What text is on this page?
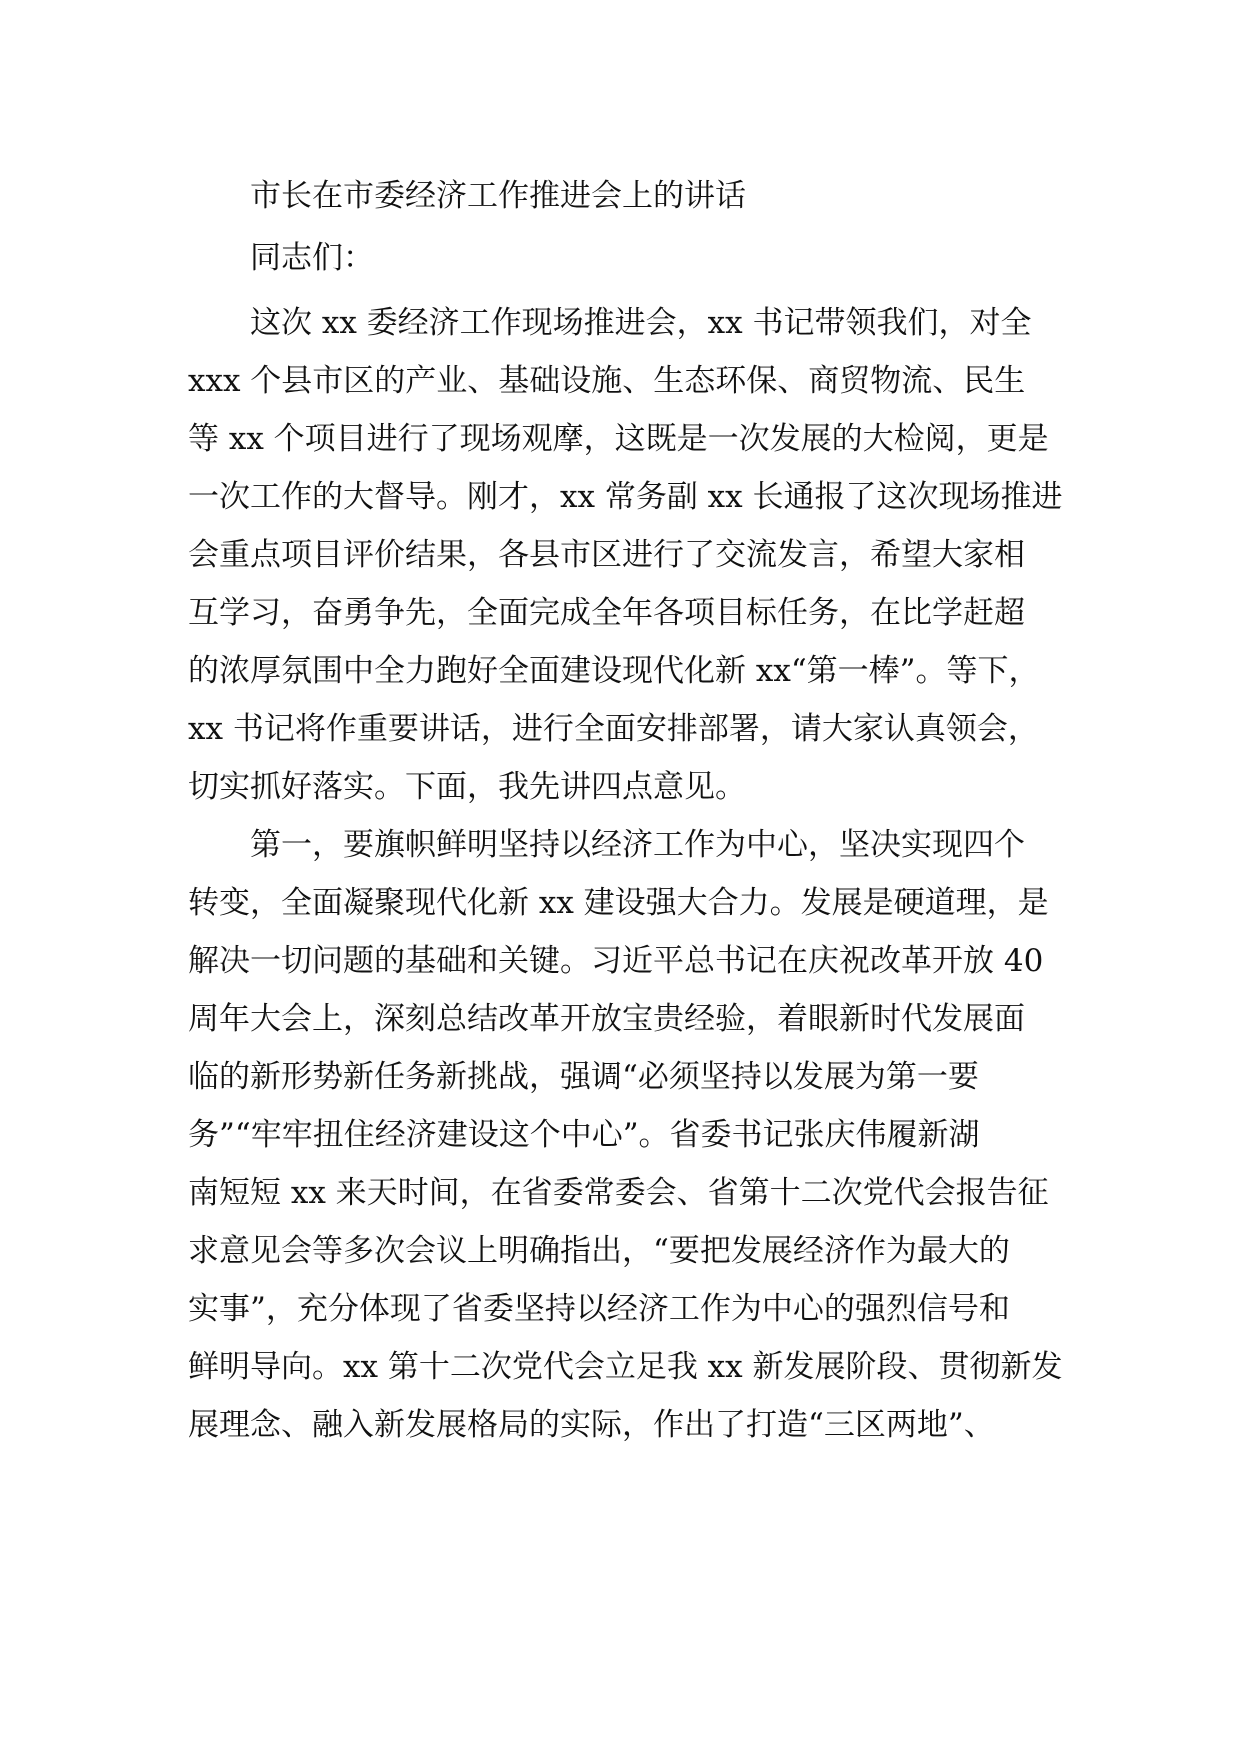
市长在市委经济工作推进会上的讲话
同志们：
这次 xx 委经济工作现场推进会，xx 书记带领我们，对全
xxx 个县市区的产业、基础设施、生态环保、商贸物流、民生
等 xx 个项目进行了现场观摩，这既是一次发展的大检阅，更是
一次工作的大督导。刚才，xx 常务副 xx 长通报了这次现场推进
会重点项目评价结果，各县市区进行了交流发言，希望大家相
互学习，奋勇争先，全面完成全年各项目标任务，在比学赶超
的浓厚氛围中全力跑好全面建设现代化新 xx“第一棒”。等下，
xx 书记将作重要讲话，进行全面安排部署，请大家认真领会，
切实抓好落实。下面，我先讲四点意见。
第一，要旗帜鲜明坚持以经济工作为中心，坚决实现四个
转变，全面凝聚现代化新 xx 建设强大合力。发展是硬道理，是
解决一切问题的基础和关键。习近平总书记在庆祝改革开放 40
周年大会上，深刻总结改革开放宝贵经验，着眼新时代发展面
临的新形势新任务新挑战，强调“必须坚持以发展为第一要
务”“牢牢扭住经济建设这个中心”。省委书记张庆伟履新湖
南短短 xx 来天时间，在省委常委会、省第十二次党代会报告征
求意见会等多次会议上明确指出，“要把发展经济作为最大的
实事”，充分体现了省委坚持以经济工作为中心的强烈信号和
鲜明导向。xx 第十二次党代会立足我 xx 新发展阶段、贯彻新发
展理念、融入新发展格局的实际，作出了打造“三区两地”、
